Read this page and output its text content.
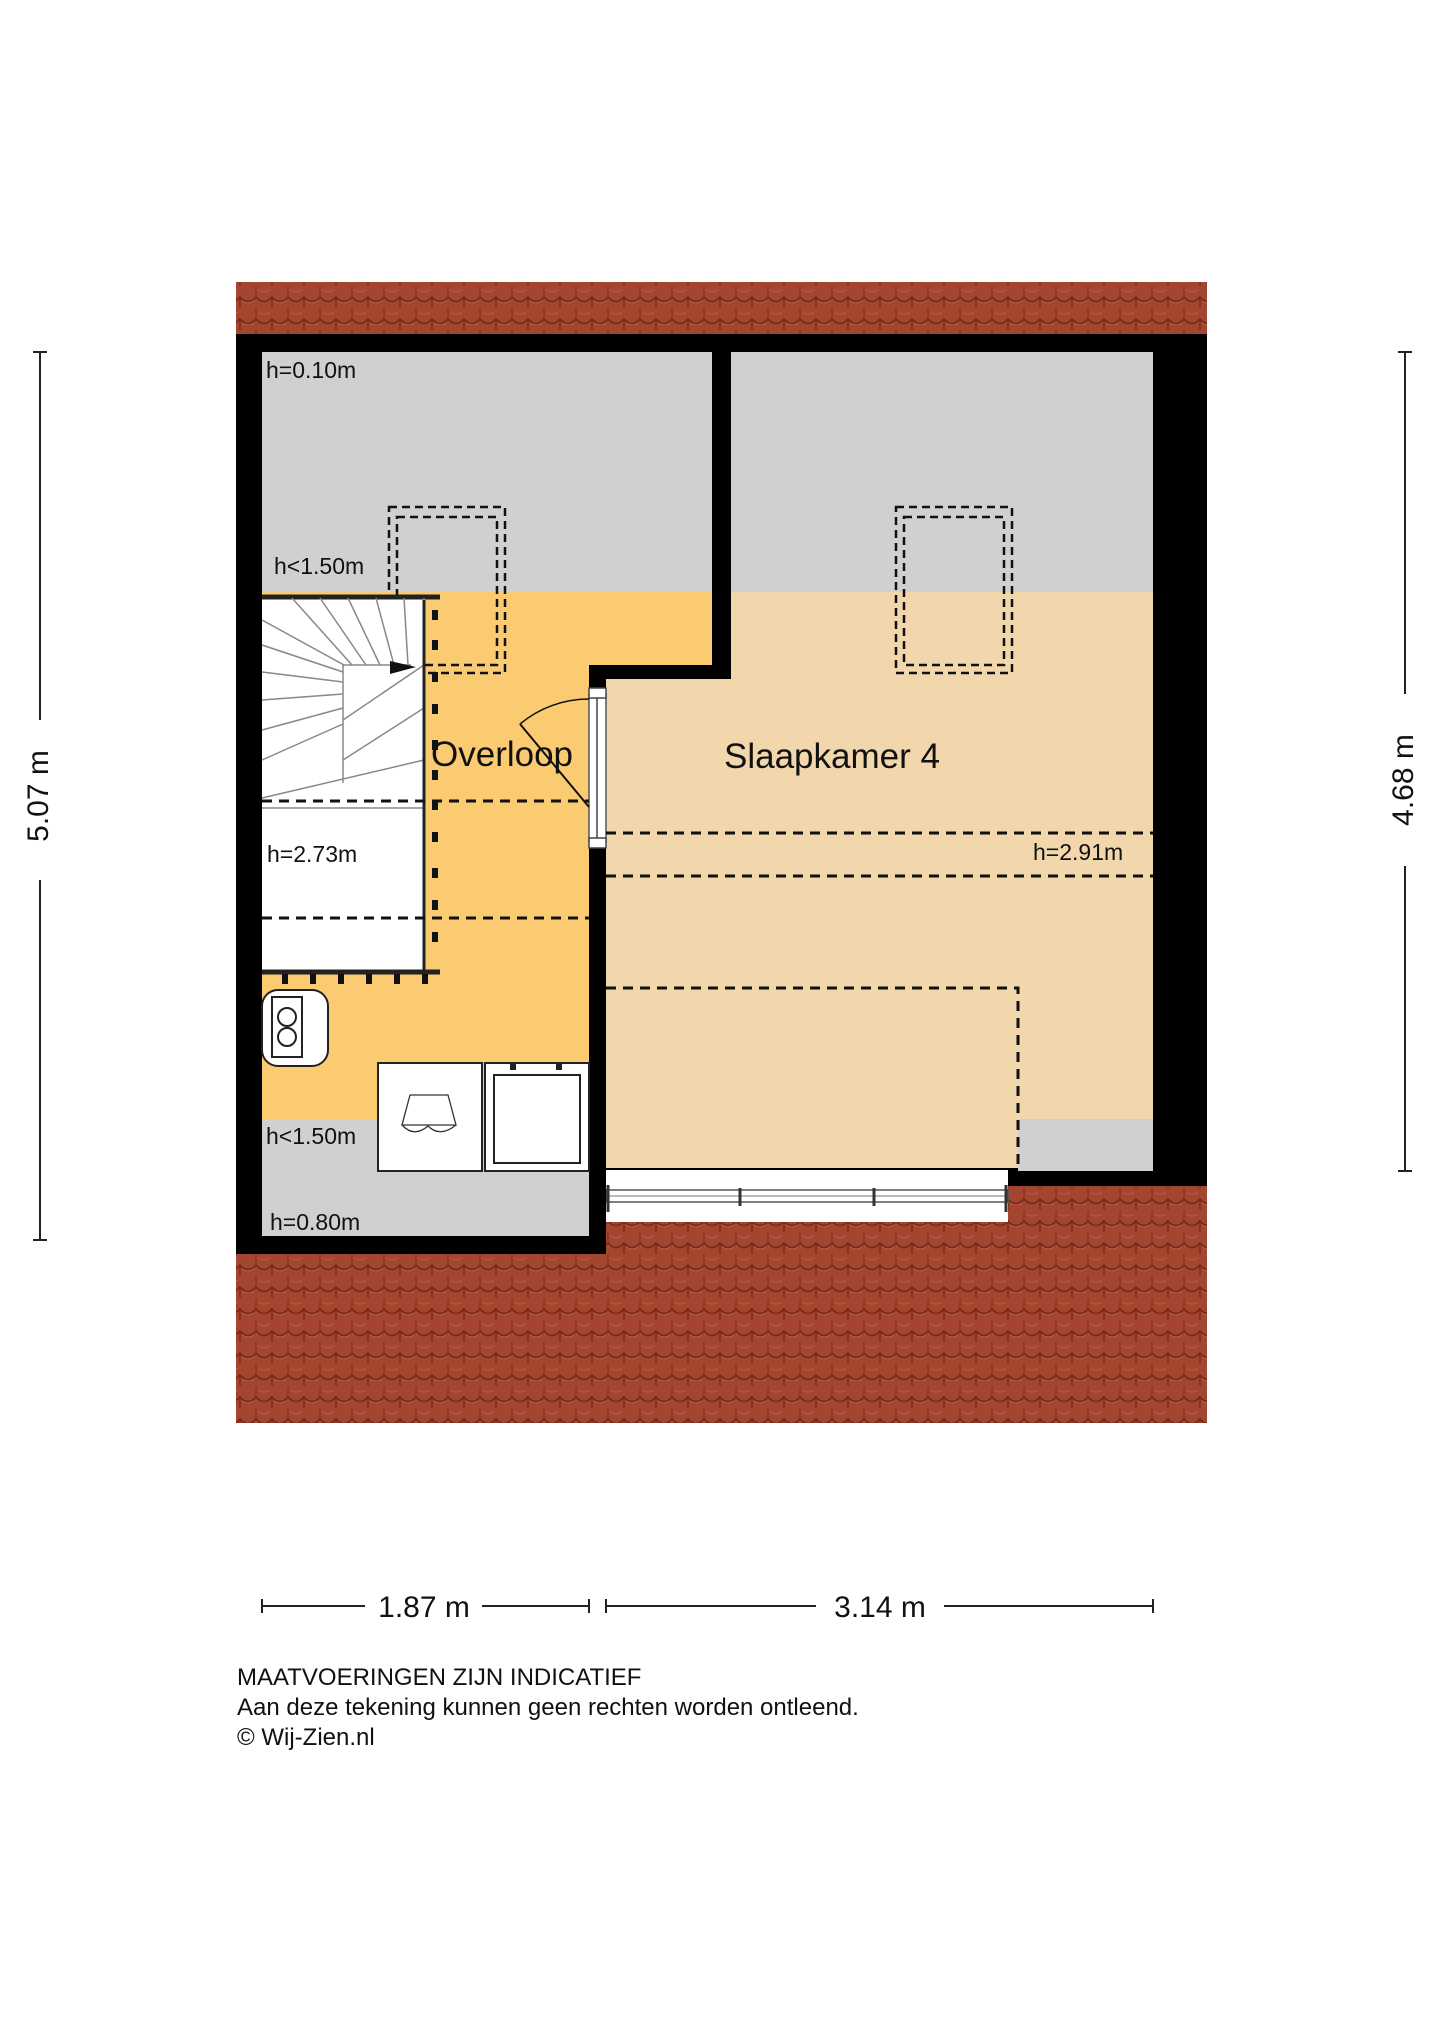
Overloop	Slaapkamer 4
h=0.10m
h<1.50m
h=2.73m	h=2.91m
h<1.50m
h=0.80m
5.07 m	4.68 m
1.87 m	3.14 m
MAATVOERINGEN ZIJN INDICATIEF
Aan deze tekening kunnen geen rechten worden ontleend.
© Wij-Zien.nl
